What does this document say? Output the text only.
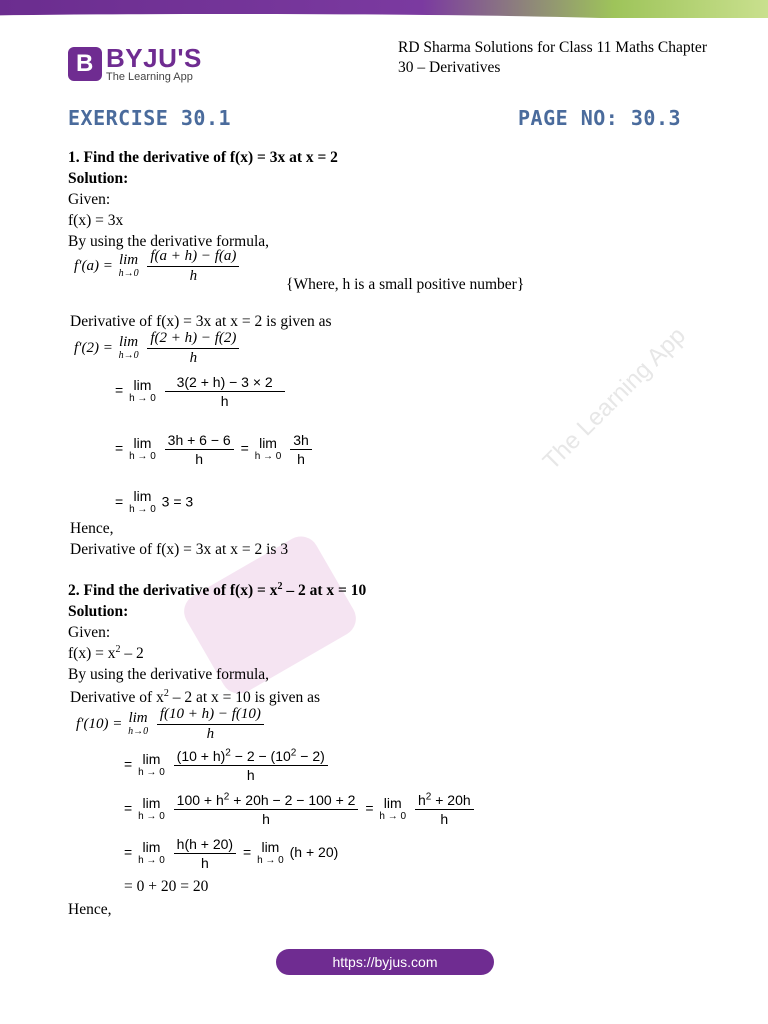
B BYJU'S
The Learning App
RD Sharma Solutions for Class 11 Maths Chapter
30 – Derivatives
EXERCISE 30.1	PAGE NO: 30.3
1. Find the derivative of f(x) = 3x at x = 2
Solution:
Given:
f(x) = 3x
By using the derivative formula,
f′(a) = lim
h→0
$\frac{f(a + h) - f(a)}{h}$	{Where, h is a small positive number}
Derivative of f(x) = 3x at x = 2 is given as
f′(2) = lim
h→0
$\frac{f(2 + h) - f(2)}{h}$
= lim
h → 0
$\frac{3(2 + h) - 3 \times 2}{h}$
= lim
h → 0
$\frac{3h + 6 - 6}{h} = \lim$
h → 0
$\frac{3h}{h}$
= lim
h → 0 3 = 3
Hence,
Derivative of f(x) = 3x at x = 2 is 3
2. Find the derivative of $f(x) = x^2 - 2$ at x = 10
Solution:
Given:
$f(x) = x^2 - 2$
By using the derivative formula,
Derivative of $x^2 - 2$ at x = 10 is given as
f′(10) = lim
h→0
$\frac{f(10 + h) - f(10)}{h}$
= lim
h → 0
$\frac{(10 + h)^2 - 2 - (10^2 - 2)}{h}$
= lim
h → 0
$\frac{100 + h^2 + 20h - 2 - 100 + 2}{h} = \lim$
h → 0
$\frac{h^2 + 20h}{h}$
= lim
h → 0
$\frac{h(h + 20)}{h} = \lim$
h → 0 (h + 20)
= 0 + 20 = 20
Hence,
The Learning App
https://byjus.com
